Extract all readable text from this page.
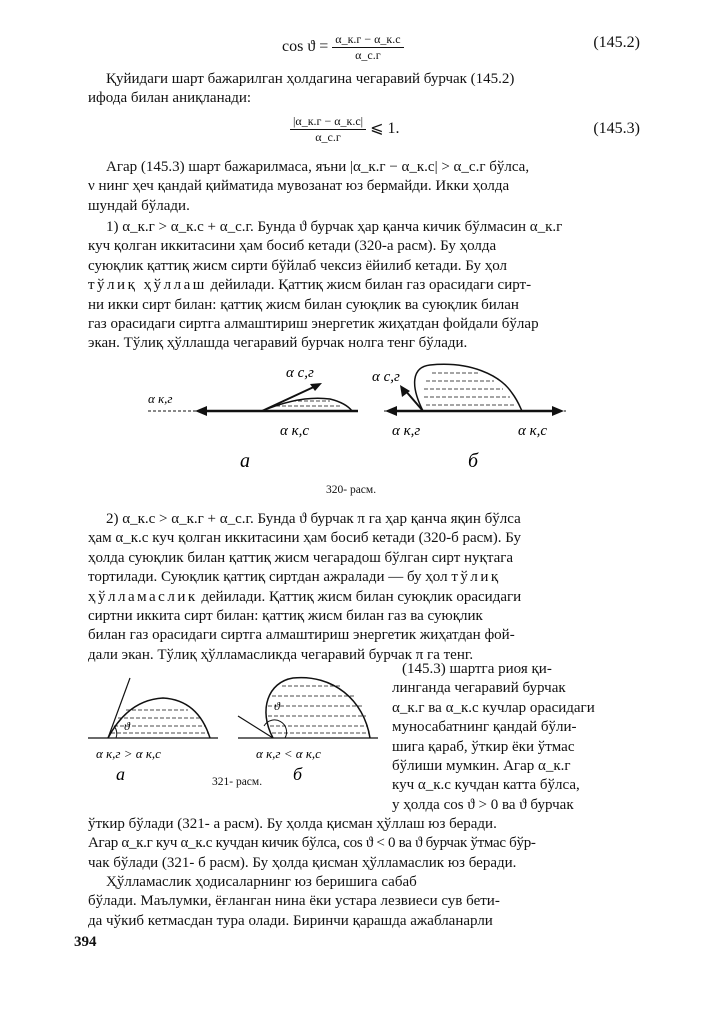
$\cos ϑ = \frac{\alpha\_к.г - \alpha\_к.с}{\alpha\_с.г}$	(145.2)
Қуйидаги шарт бажарилган ҳолдагина чегаравий бурчак (145.2)
ифода билан аниқланади:
$\frac{|\alpha\_к.г - \alpha\_к.с|}{\alpha\_с.г}$ ⩽ 1.	(145.3)
Агар (145.3) шарт бажарилмаса, яъни |α_к.г − α_к.с| > α_с.г бўлса,
ν нинг ҳеч қандай қийматида мувозанат юз бермайди. Икки ҳолда
шундай бўлади.
1) α_к.г > α_к.с + α_с.г. Бунда ϑ бурчак ҳар қанча кичик бўлмасин α_к.г
куч қолган иккитасини ҳам босиб кетади (320-а расм). Бу ҳолда
суюқлик қаттиқ жисм сирти бўйлаб чексиз ёйилиб кетади. Бу ҳол
тўлиқ ҳўллаш дейилади. Қаттиқ жисм билан газ орасидаги сирт-
ни икки сирт билан: қаттиқ жисм билан суюқлик ва суюқлик билан
газ орасидаги сиртга алмаштириш энергетик жиҳатдан фойдали бўлар
экан. Тўлиқ ҳўллашда чегаравий бурчак нолга тенг бўлади.
α с,г
α к,г
α к,с
а
α с,г
α к,г	α к,с
б
320- расм.
2) α_к.с > α_к.г + α_с.г. Бунда ϑ бурчак π га ҳар қанча яқин бўлса
ҳам α_к.с куч қолган иккитасини ҳам босиб кетади (320-б расм). Бу
ҳолда суюқлик билан қаттиқ жисм чегарадош бўлган сирт нуқтага
тортилади. Суюқлик қаттиқ сиртдан ажралади — бу ҳол тўлиқ
ҳўлламаслик дейилади. Қаттиқ жисм билан суюқлик орасидаги
сиртни иккита сирт билан: қаттиқ жисм билан газ ва суюқлик
билан газ орасидаги сиртга алмаштириш энергетик жиҳатдан фой-
дали экан. Тўлиқ ҳўлламасликда чегаравий бурчак π га тенг.
ϑ
α к,г > α к,с
а
ϑ
α к,г < α к,с
б
321- расм.
(145.3) шартга риоя қи-
линганда чегаравий бурчак
α_к.г ва α_к.с кучлар орасидаги
муносабатнинг қандай бўли-
шига қараб, ўткир ёки ўтмас
бўлиши мумкин. Агар α_к.г
куч α_к.с кучдан катта бўлса,
у ҳолда cos ϑ > 0 ва ϑ бурчак
ўткир бўлади (321- а расм). Бу ҳолда қисман ҳўллаш юз беради.
Агар α_к.г куч α_к.с кучдан кичик бўлса, cos ϑ < 0 ва ϑ бурчак ўтмас бўр-
чак бўлади (321- б расм). Бу ҳолда қисман ҳўлламаслик юз беради.
Ҳўлламаслик ҳодисаларнинг юз беришига сабаб
бўлади. Маълумки, ёғланган нина ёки устара лезвиеси сув бети-
да чўкиб кетмасдан тура олади. Биринчи қарашда ажабланарли
394
